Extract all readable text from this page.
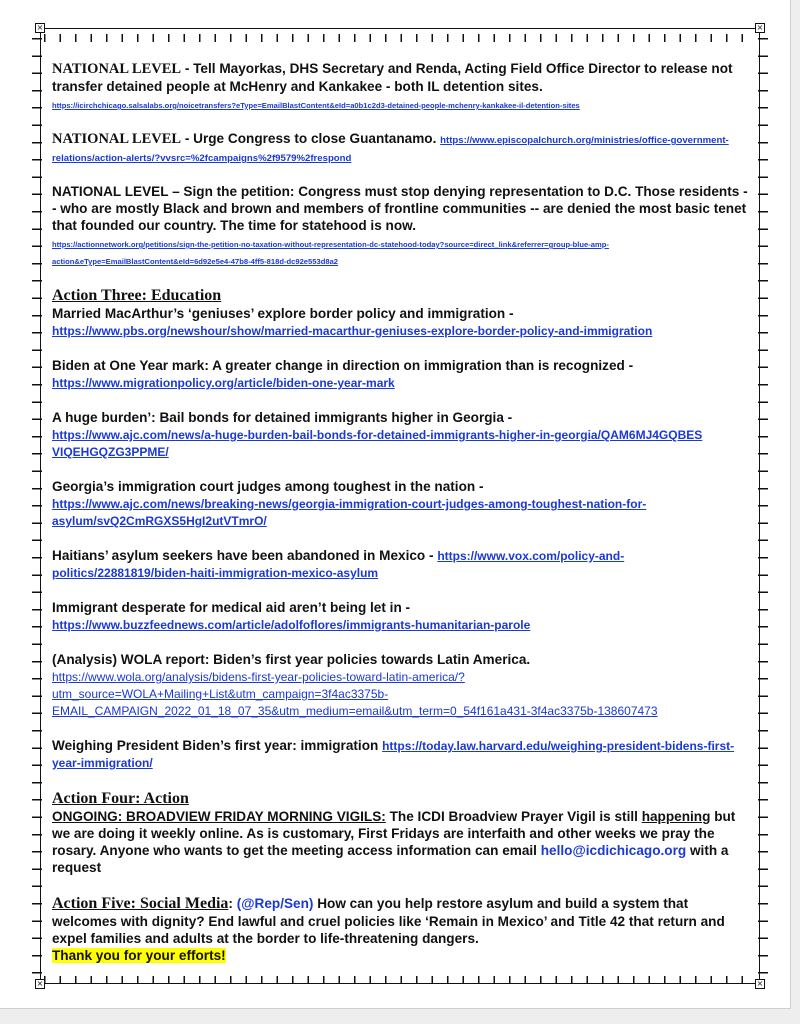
×	×
×	×
NATIONAL LEVEL - Tell Mayorkas, DHS Secretary and Renda, Acting Field Office Director to release not transfer detained people at McHenry and Kankakee - both IL detention sites.
https://icirchchicago.salsalabs.org/noicetransfers?eType=EmailBlastContent&eId=a0b1c2d3-detained-people-mchenry-kankakee-il-detention-sites
NATIONAL LEVEL - Urge Congress to close Guantanamo. https://www.episcopalchurch.org/ministries/office-government-relations/action-alerts/?vvsrc=%2fcampaigns%2f9579%2frespond
NATIONAL LEVEL – Sign the petition: Congress must stop denying representation to D.C. Those residents -- who are mostly Black and brown and members of frontline communities -- are denied the most basic tenet that founded our country. The time for statehood is now.
https://actionnetwork.org/petitions/sign-the-petition-no-taxation-without-representation-dc-statehood-today?source=direct_link&referrer=group-blue-amp-action&eType=EmailBlastContent&eId=6d92e5e4-47b8-4ff5-818d-dc92e553d8a2
Action Three: Education
Married MacArthur’s ‘geniuses’ explore border policy and immigration -
https://www.pbs.org/newshour/show/married-macarthur-geniuses-explore-border-policy-and-immigration
Biden at One Year mark: A greater change in direction on immigration than is recognized -
https://www.migrationpolicy.org/article/biden-one-year-mark
A huge burden’: Bail bonds for detained immigrants higher in Georgia -
https://www.ajc.com/news/a-huge-burden-bail-bonds-for-detained-immigrants-higher-in-georgia/QAM6MJ4GQBES VIQEHGQZG3PPME/
Georgia’s immigration court judges among toughest in the nation -
https://www.ajc.com/news/breaking-news/georgia-immigration-court-judges-among-toughest-nation-for-asylum/svQ2CmRGXS5HgI2utVTmrO/
Haitians’ asylum seekers have been abandoned in Mexico - https://www.vox.com/policy-and-politics/22881819/biden-haiti-immigration-mexico-asylum
Immigrant desperate for medical aid aren’t being let in -
https://www.buzzfeednews.com/article/adolfoflores/immigrants-humanitarian-parole
(Analysis) WOLA report: Biden’s first year policies towards Latin America.
https://www.wola.org/analysis/bidens-first-year-policies-toward-latin-america/?utm_source=WOLA+Mailing+List&utm_campaign=3f4ac3375b-EMAIL_CAMPAIGN_2022_01_18_07_35&utm_medium=email&utm_term=0_54f161a431-3f4ac3375b-138607473
Weighing President Biden’s first year: immigration https://today.law.harvard.edu/weighing-president-bidens-first-year-immigration/
Action Four: Action
ONGOING: BROADVIEW FRIDAY MORNING VIGILS: The ICDI Broadview Prayer Vigil is still happening but we are doing it weekly online. As is customary, First Fridays are interfaith and other weeks we pray the rosary. Anyone who wants to get the meeting access information can email hello@icdichicago.org with a request
Action Five: Social Media: (@Rep/Sen) How can you help restore asylum and build a system that welcomes with dignity? End lawful and cruel policies like ‘Remain in Mexico’ and Title 42 that return and expel families and adults at the border to life-threatening dangers.
Thank you for your efforts!
